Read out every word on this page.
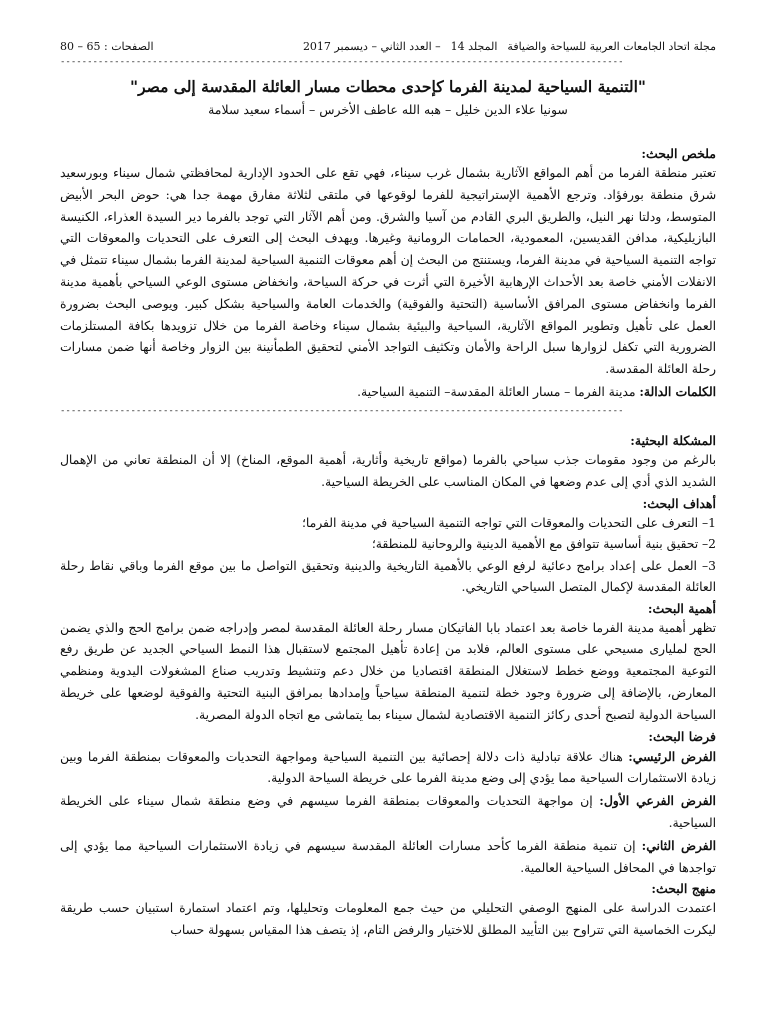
مجلة اتحاد الجامعات العربية للسياحة والضيافة
المجلد 14
– العدد الثاني – ديسمبر 2017
الصفحات : 65 – 80
--------------------------------------------------------------------------------------------------------
"التنمية السياحية لمدينة الفرما كإحدى محطات مسار العائلة المقدسة إلى مصر"
سونيا علاء الدين خليل – هبه الله عاطف الأخرس – أسماء سعيد سلامة
ملخص البحث:

تعتبر منطقة الفرما من أهم المواقع الآثارية بشمال غرب سيناء، فهي تقع على الحدود الإدارية لمحافظتي شمال سيناء وبورسعيد شرق منطقة بورفؤاد. وترجع الأهمية الإستراتيجية للفرما لوقوعها في ملتقى لثلاثة مفارق مهمة جدا هي: حوض البحر الأبيض المتوسط، ودلتا نهر النيل، والطريق البري القادم من آسيا والشرق. ومن أهم الآثار التي توجد بالفرما دير السيدة العذراء، الكنيسة البازيليكية، مدافن القديسين، المعمودية، الحمامات الرومانية وغيرها. ويهدف البحث إلى التعرف على التحديات والمعوقات التي تواجه التنمية السياحية في مدينة الفرما، ويستنتج من البحث إن أهم معوقات التنمية السياحية لمدينة الفرما بشمال سيناء تتمثل في الانفلات الأمني خاصة بعد الأحداث الإرهابية الأخيرة التي أثرت في حركة السياحة، وانخفاض مستوى الوعي السياحي بأهمية مدينة الفرما وانخفاض مستوى المرافق الأساسية (التحتية والفوقية) والخدمات العامة والسياحية بشكل كبير. ويوصى البحث بضرورة العمل على تأهيل وتطوير المواقع الآثارية، السياحية والبيئية بشمال سيناء وخاصة الفرما من خلال تزويدها بكافة المستلزمات الضرورية التي تكفل لزوارها سبل الراحة والأمان وتكثيف التواجد الأمني لتحقيق الطمأنينة بين الزوار وخاصة أنها ضمن مسارات رحلة العائلة المقدسة.

الكلمات الدالة: مدينة الفرما – مسار العائلة المقدسة– التنمية السياحية.

--------------------------------------------------------------------------------------------------------
المشكلة البحثية:

بالرغم من وجود مقومات جذب سياحي بالفرما (مواقع تاريخية وأثارية، أهمية الموقع، المناخ) إلا أن المنطقة تعاني من الإهمال الشديد الذي أدي إلى عدم وضعها في المكان المناسب على الخريطة السياحية.

أهداف البحث:
1– التعرف على التحديات والمعوقات التي تواجه التنمية السياحية في مدينة الفرما؛
2– تحقيق بنية أساسية تتوافق مع الأهمية الدينية والروحانية للمنطقة؛
3– العمل على إعداد برامج دعائية لرفع الوعي بالأهمية التاريخية والدينية وتحقيق التواصل ما بين موقع الفرما وباقي نقاط رحلة العائلة المقدسة لإكمال المتصل السياحي التاريخي.
أهمية البحث:

تظهر أهمية مدينة الفرما خاصة بعد اعتماد بابا الفاتيكان مسار رحلة العائلة المقدسة لمصر وإدراجه ضمن برامج الحج والذي يضمن الحج لمليارى مسيحي على مستوى العالم، فلابد من إعادة تأهيل المجتمع لاستقبال هذا النمط السياحي الجديد عن طريق رفع التوعية المجتمعية ووضع خطط لاستغلال المنطقة اقتصاديا من خلال دعم وتنشيط وتدريب صناع المشغولات اليدوية ومنظمي المعارض، بالإضافة إلى ضرورة وجود خطة لتنمية المنطقة سياحياً وإمدادها بمرافق البنية التحتية والفوقية لوضعها على خريطة السياحة الدولية لتصبح أحدى ركائز التنمية الاقتصادية لشمال سيناء بما يتماشى مع اتجاه الدولة المصرية.

فرضا البحث:

الفرض الرئيسي: هناك علاقة تبادلية ذات دلالة إحصائية بين التنمية السياحية ومواجهة التحديات والمعوقات بمنطقة الفرما وبين زيادة الاستثمارات السياحية مما يؤدي إلى وضع مدينة الفرما على خريطة السياحة الدولية.

الفرض الفرعي الأول: إن مواجهة التحديات والمعوقات بمنطقة الفرما سيسهم في وضع منطقة شمال سيناء على الخريطة السياحية.

الفرض الثاني: إن تنمية منطقة الفرما كأحد مسارات العائلة المقدسة سيسهم في زيادة الاستثمارات السياحية مما يؤدي إلى تواجدها في المحافل السياحية العالمية.

منهج البحث:

اعتمدت الدراسة على المنهج الوصفي التحليلي من حيث جمع المعلومات وتحليلها، وتم اعتماد استمارة استبيان حسب طريقة ليكرت الخماسية التي تتراوح بين التأييد المطلق للاختيار والرفض التام، إذ يتصف هذا المقياس بسهولة حساب
